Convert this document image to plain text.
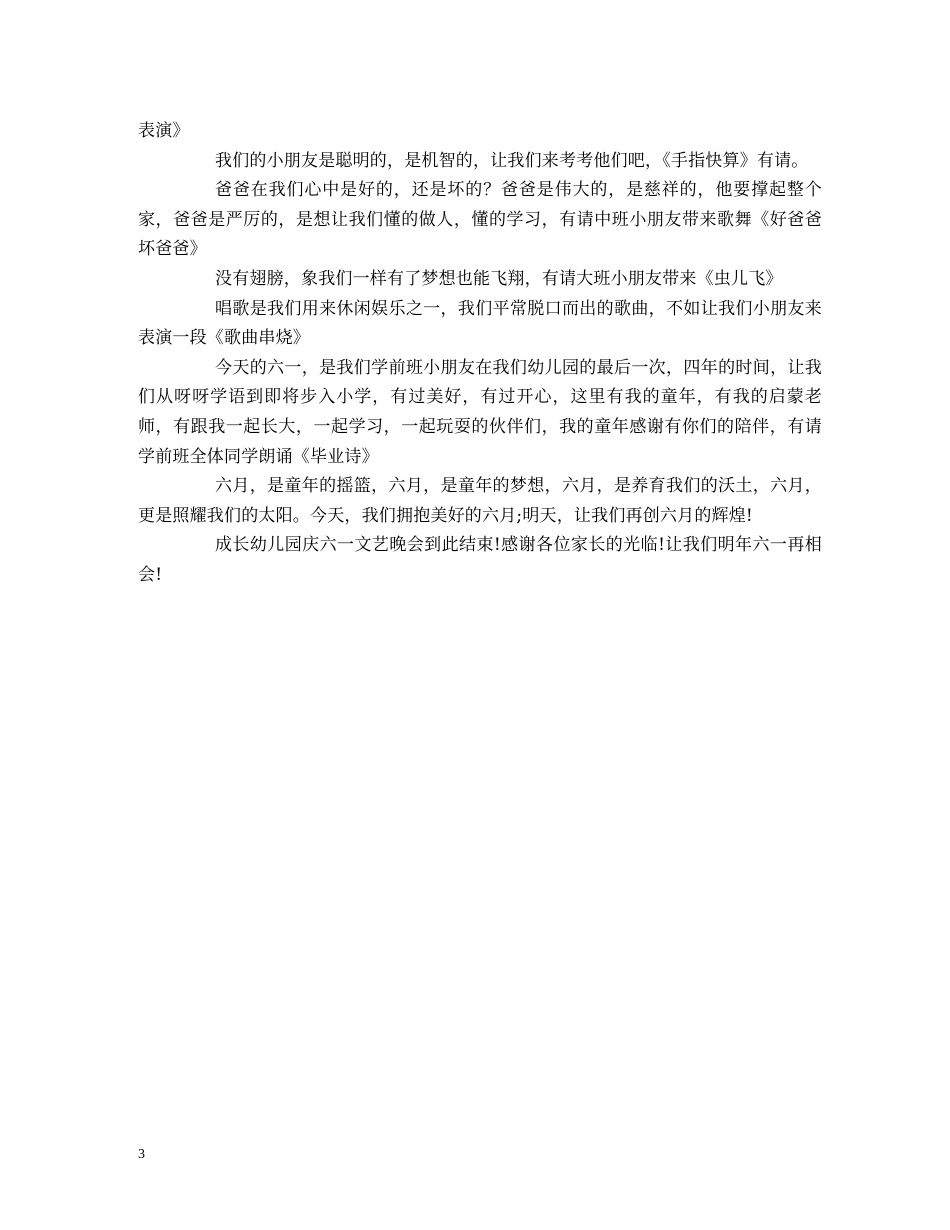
表演》

我们的小朋友是聪明的，是机智的，让我们来考考他们吧，《手指快算》有请。

爸爸在我们心中是好的，还是坏的？爸爸是伟大的，是慈祥的，他要撑起整个家，爸爸是严厉的，是想让我们懂的做人，懂的学习，有请中班小朋友带来歌舞《好爸爸坏爸爸》

没有翅膀，象我们一样有了梦想也能飞翔，有请大班小朋友带来《虫儿飞》

唱歌是我们用来休闲娱乐之一，我们平常脱口而出的歌曲，不如让我们小朋友来表演一段《歌曲串烧》

今天的六一，是我们学前班小朋友在我们幼儿园的最后一次，四年的时间，让我们从呀呀学语到即将步入小学，有过美好，有过开心，这里有我的童年，有我的启蒙老师，有跟我一起长大，一起学习，一起玩耍的伙伴们，我的童年感谢有你们的陪伴，有请学前班全体同学朗诵《毕业诗》

六月，是童年的摇篮，六月，是童年的梦想，六月，是养育我们的沃土，六月，更是照耀我们的太阳。今天，我们拥抱美好的六月;明天，让我们再创六月的辉煌!

成长幼儿园庆六一文艺晚会到此结束!感谢各位家长的光临!让我们明年六一再相会!

3
